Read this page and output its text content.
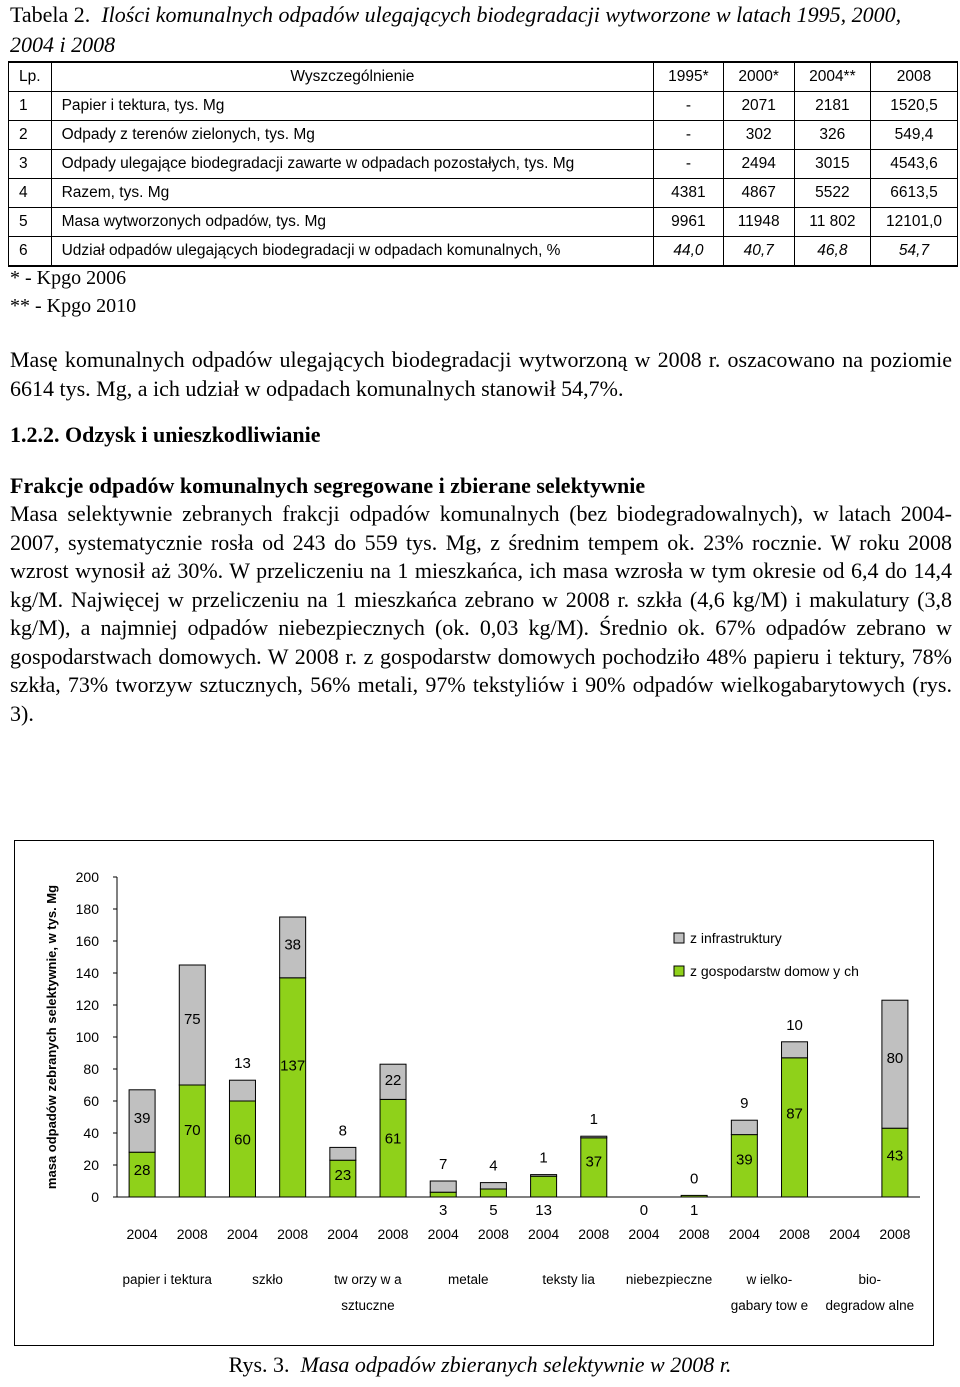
Tabela 2. Ilości komunalnych odpadów ulegających biodegradacji wytworzone w latach 1995, 2000, 2004 i 2008
Lp.	Wyszczególnienie	1995*	2000*	2004**	2008
1	Papier i tektura, tys. Mg	-	2071	2181	1520,5
2	Odpady z terenów zielonych, tys. Mg	-	302	326	549,4
3	Odpady ulegające biodegradacji zawarte w odpadach pozostałych, tys. Mg	-	2494	3015	4543,6
4	Razem, tys. Mg	4381	4867	5522	6613,5
5	Masa wytworzonych odpadów, tys. Mg	9961	11948	11 802	12101,0
6	Udział odpadów ulegających biodegradacji w odpadach komunalnych, %	44,0	40,7	46,8	54,7
* - Kpgo 2006
** - Kpgo 2010

Masę komunalnych odpadów ulegających biodegradacji wytworzoną w 2008 r. oszacowano na poziomie 6614 tys. Mg, a ich udział w odpadach komunalnych stanowił 54,7%.

1.2.2. Odzysk i unieszkodliwianie

Frakcje odpadów komunalnych segregowane i zbierane selektywnie

Masa selektywnie zebranych frakcji odpadów komunalnych (bez biodegradowalnych), w latach 2004-2007, systematycznie rosła od 243 do 559 tys. Mg, z średnim tempem ok. 23% rocznie. W roku 2008 wzrost wynosił aż 30%. W przeliczeniu na 1 mieszkańca, ich masa wzrosła w tym okresie od 6,4 do 14,4 kg/M. Najwięcej w przeliczeniu na 1 mieszkańca zebrano w 2008 r. szkła (4,6 kg/M) i makulatury (3,8 kg/M), a najmniej odpadów niebezpiecznych (ok. 0,03 kg/M). Średnio ok. 67% odpadów zebrano w gospodarstwach domowych. W 2008 r. z gospodarstw domowych pochodziło 48% papieru i tektury, 78% szkła, 73% tworzyw sztucznych, 56% metali, 97% tekstyliów i 90% odpadów wielkogabarytowych (rys. 3).

masa odpadów zebranych selektywnie, w tys. Mg
0
20
40
60
80
100
120
140
160
180
200
28
39
2004
70
75
2008
60
13
2004
137
38
2008
23
8
2004
61
22
2008
3
7
2004
5
4
2008
13
1
2004
37
1
2008
0
2004
1
0
2008
39
9
2004
87
10
2008 2004
43
80
2008
papier i tektura	szkło	tw orzy w a
sztuczne
metale	teksty lia niebezpieczne	w ielko-
gabary tow e
bio-
degradow alne
z infrastruktury
z gospodarstw domow y ch
Rys. 3. Masa odpadów zbieranych selektywnie w 2008 r.
